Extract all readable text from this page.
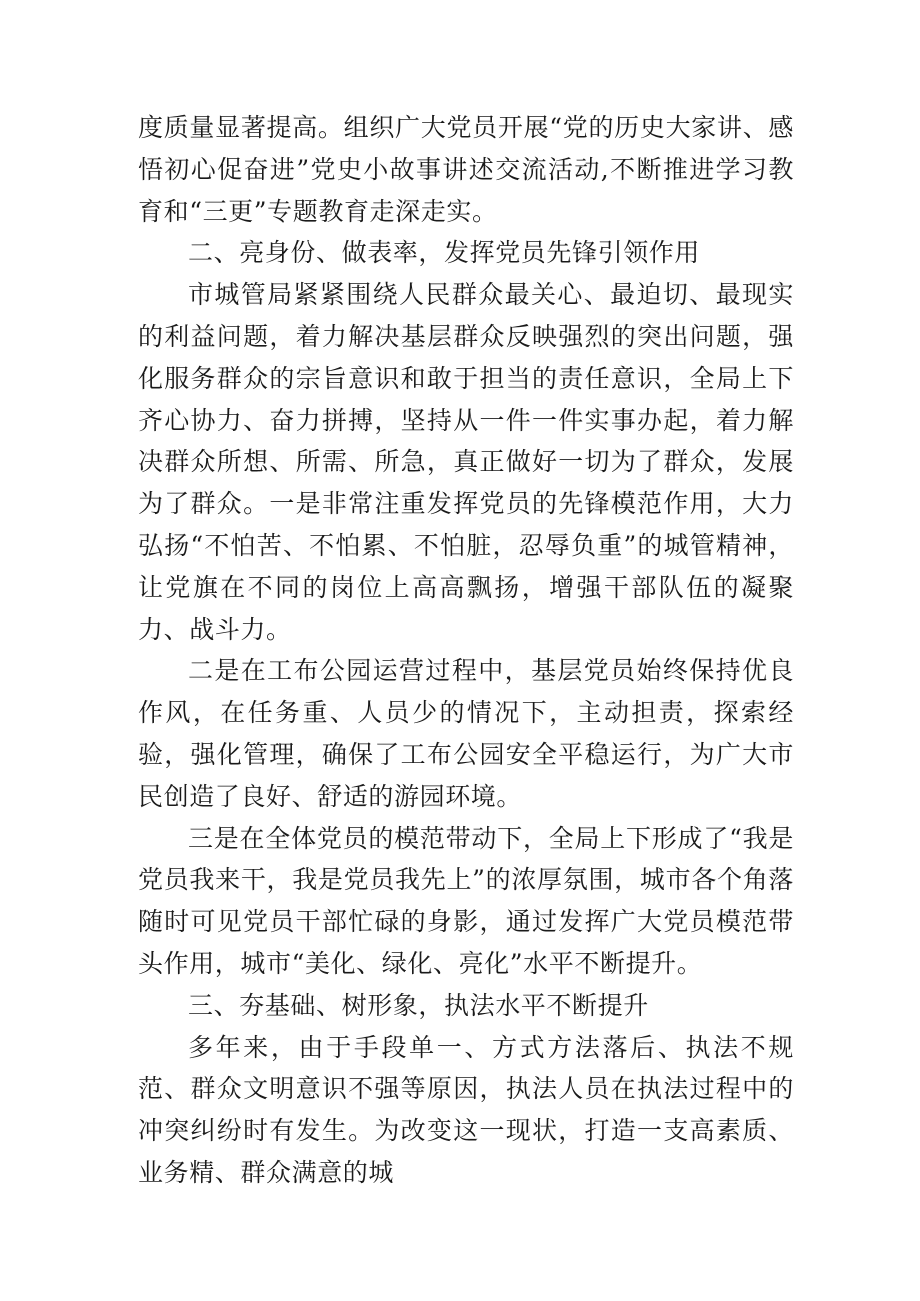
度质量显著提高。组织广大党员开展“党的历史大家讲、感悟初心促奋进”党史小故事讲述交流活动,不断推进学习教育和“三更”专题教育走深走实。

二、亮身份、做表率，发挥党员先锋引领作用

市城管局紧紧围绕人民群众最关心、最迫切、最现实的利益问题，着力解决基层群众反映强烈的突出问题，强化服务群众的宗旨意识和敢于担当的责任意识，全局上下齐心协力、奋力拼搏，坚持从一件一件实事办起，着力解决群众所想、所需、所急，真正做好一切为了群众，发展为了群众。一是非常注重发挥党员的先锋模范作用，大力弘扬“不怕苦、不怕累、不怕脏，忍辱负重”的城管精神，让党旗在不同的岗位上高高飘扬，增强干部队伍的凝聚力、战斗力。

二是在工布公园运营过程中，基层党员始终保持优良作风，在任务重、人员少的情况下，主动担责，探索经验，强化管理，确保了工布公园安全平稳运行，为广大市民创造了良好、舒适的游园环境。

三是在全体党员的模范带动下，全局上下形成了“我是党员我来干，我是党员我先上”的浓厚氛围，城市各个角落随时可见党员干部忙碌的身影，通过发挥广大党员模范带头作用，城市“美化、绿化、亮化”水平不断提升。

三、夯基础、树形象，执法水平不断提升

多年来，由于手段单一、方式方法落后、执法不规范、群众文明意识不强等原因，执法人员在执法过程中的冲突纠纷时有发生。为改变这一现状，打造一支高素质、业务精、群众满意的城
